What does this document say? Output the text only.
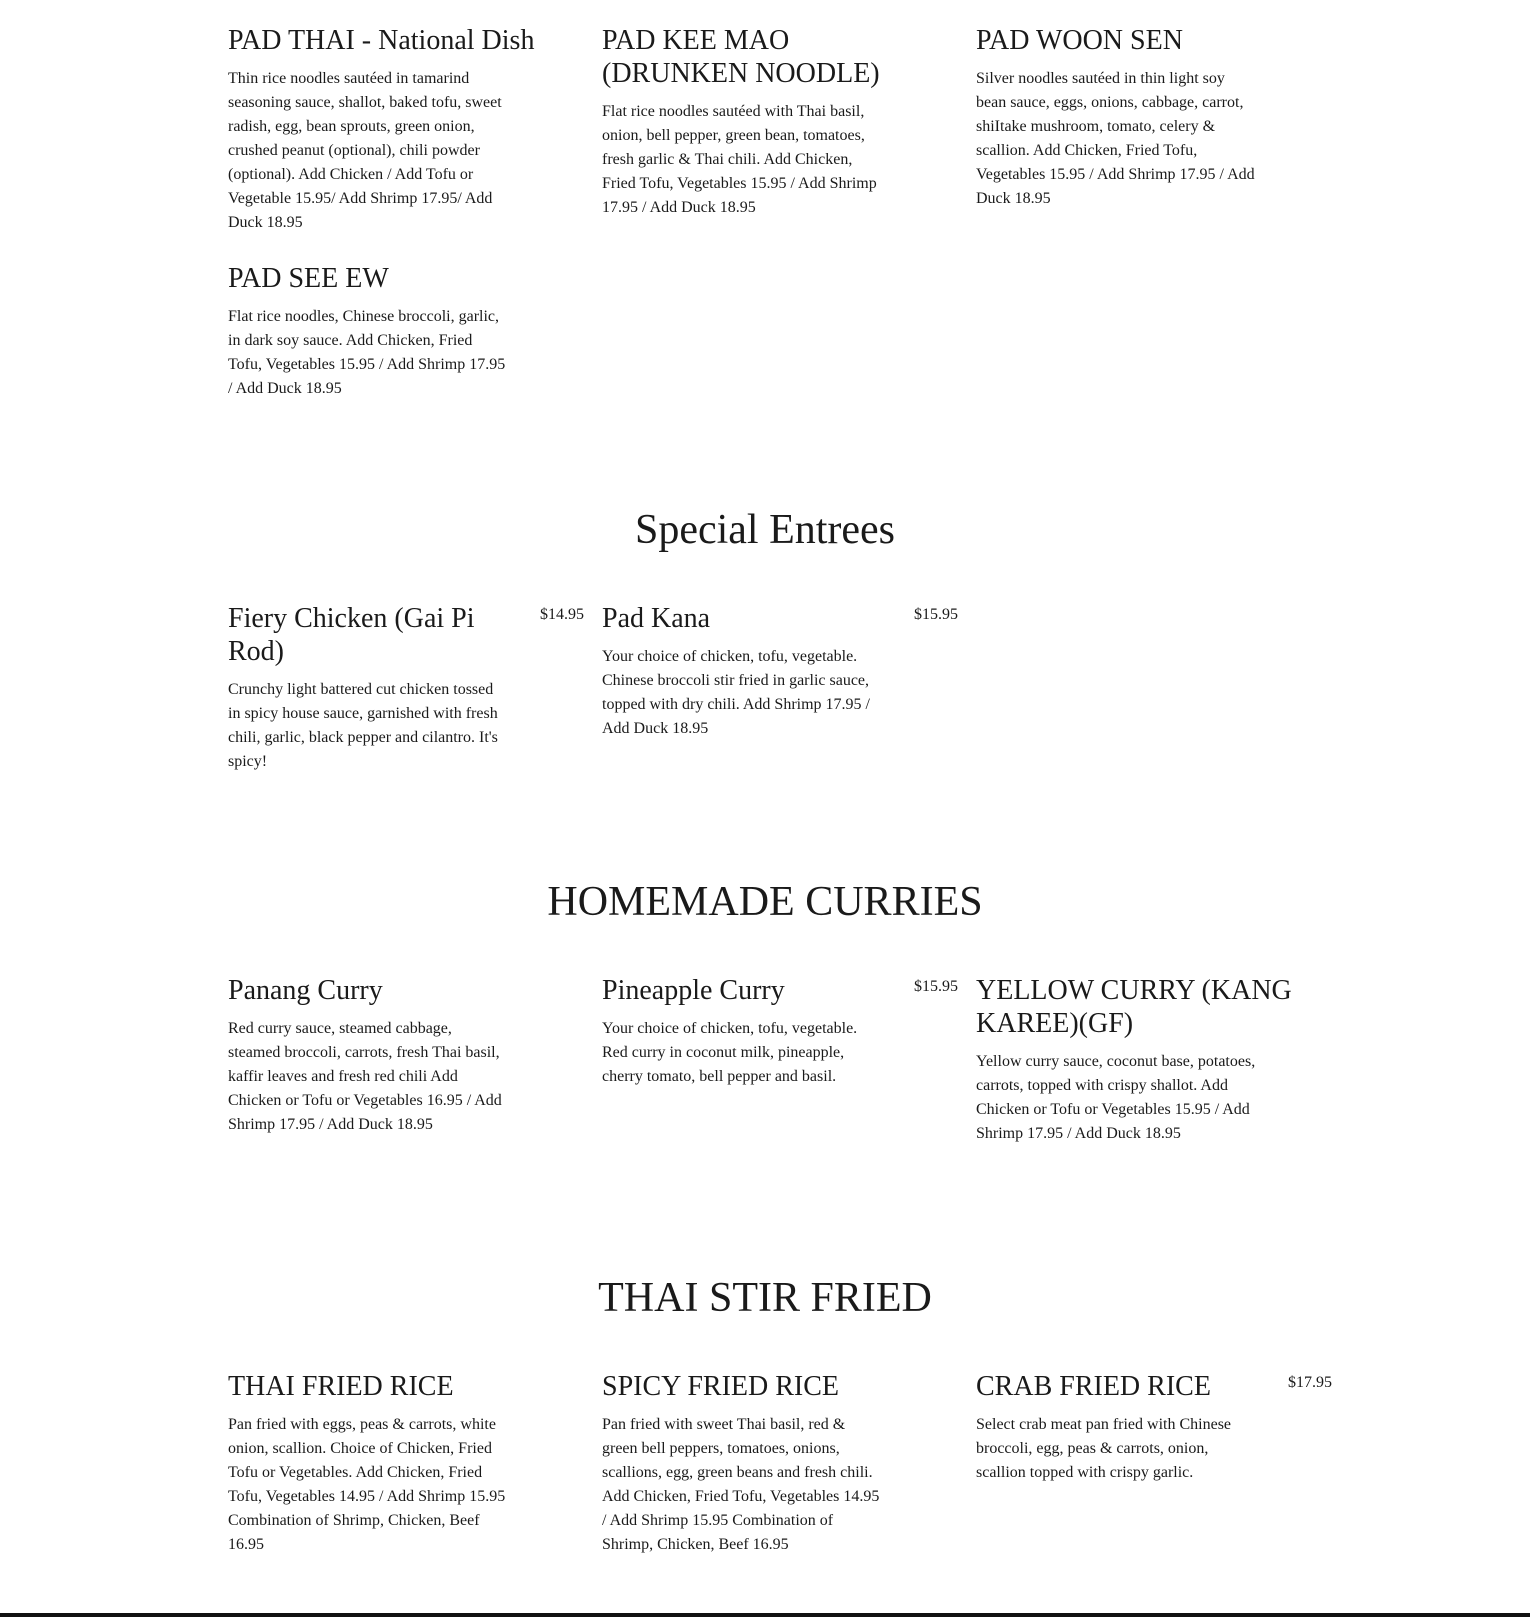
PAD THAI - National Dish

Thin rice noodles sautéed in tamarind seasoning sauce, shallot, baked tofu, sweet radish, egg, bean sprouts, green onion, crushed peanut (optional), chili powder (optional). Add Chicken / Add Tofu or Vegetable 15.95/ Add Shrimp 17.95/ Add Duck 18.95

PAD KEE MAO (DRUNKEN NOODLE)

Flat rice noodles sautéed with Thai basil, onion, bell pepper, green bean, tomatoes, fresh garlic & Thai chili. Add Chicken, Fried Tofu, Vegetables 15.95 / Add Shrimp 17.95 / Add Duck 18.95

PAD WOON SEN

Silver noodles sautéed in thin light soy bean sauce, eggs, onions, cabbage, carrot, shiItake mushroom, tomato, celery & scallion. Add Chicken, Fried Tofu, Vegetables 15.95 / Add Shrimp 17.95 / Add Duck 18.95

PAD SEE EW

Flat rice noodles, Chinese broccoli, garlic, in dark soy sauce. Add Chicken, Fried Tofu, Vegetables 15.95 / Add Shrimp 17.95 / Add Duck 18.95

Special Entrees
Fiery Chicken (Gai Pi Rod)
$14.95

Crunchy light battered cut chicken tossed in spicy house sauce, garnished with fresh chili, garlic, black pepper and cilantro. It's spicy!

Pad Kana	$15.95

Your choice of chicken, tofu, vegetable. Chinese broccoli stir fried in garlic sauce, topped with dry chili. Add Shrimp 17.95 / Add Duck 18.95

HOMEMADE CURRIES
Panang Curry

Red curry sauce, steamed cabbage, steamed broccoli, carrots, fresh Thai basil, kaffir leaves and fresh red chili Add Chicken or Tofu or Vegetables 16.95 / Add Shrimp 17.95 / Add Duck 18.95

Pineapple Curry	$15.95

Your choice of chicken, tofu, vegetable. Red curry in coconut milk, pineapple, cherry tomato, bell pepper and basil.

YELLOW CURRY (KANG KAREE)(GF)

Yellow curry sauce, coconut base, potatoes, carrots, topped with crispy shallot. Add Chicken or Tofu or Vegetables 15.95 / Add Shrimp 17.95 / Add Duck 18.95

THAI STIR FRIED
THAI FRIED RICE

Pan fried with eggs, peas & carrots, white onion, scallion. Choice of Chicken, Fried Tofu or Vegetables. Add Chicken, Fried Tofu, Vegetables 14.95 / Add Shrimp 15.95 Combination of Shrimp, Chicken, Beef 16.95

SPICY FRIED RICE

Pan fried with sweet Thai basil, red & green bell peppers, tomatoes, onions, scallions, egg, green beans and fresh chili. Add Chicken, Fried Tofu, Vegetables 14.95 / Add Shrimp 15.95 Combination of Shrimp, Chicken, Beef 16.95

CRAB FRIED RICE	$17.95

Select crab meat pan fried with Chinese broccoli, egg, peas & carrots, onion, scallion topped with crispy garlic.
